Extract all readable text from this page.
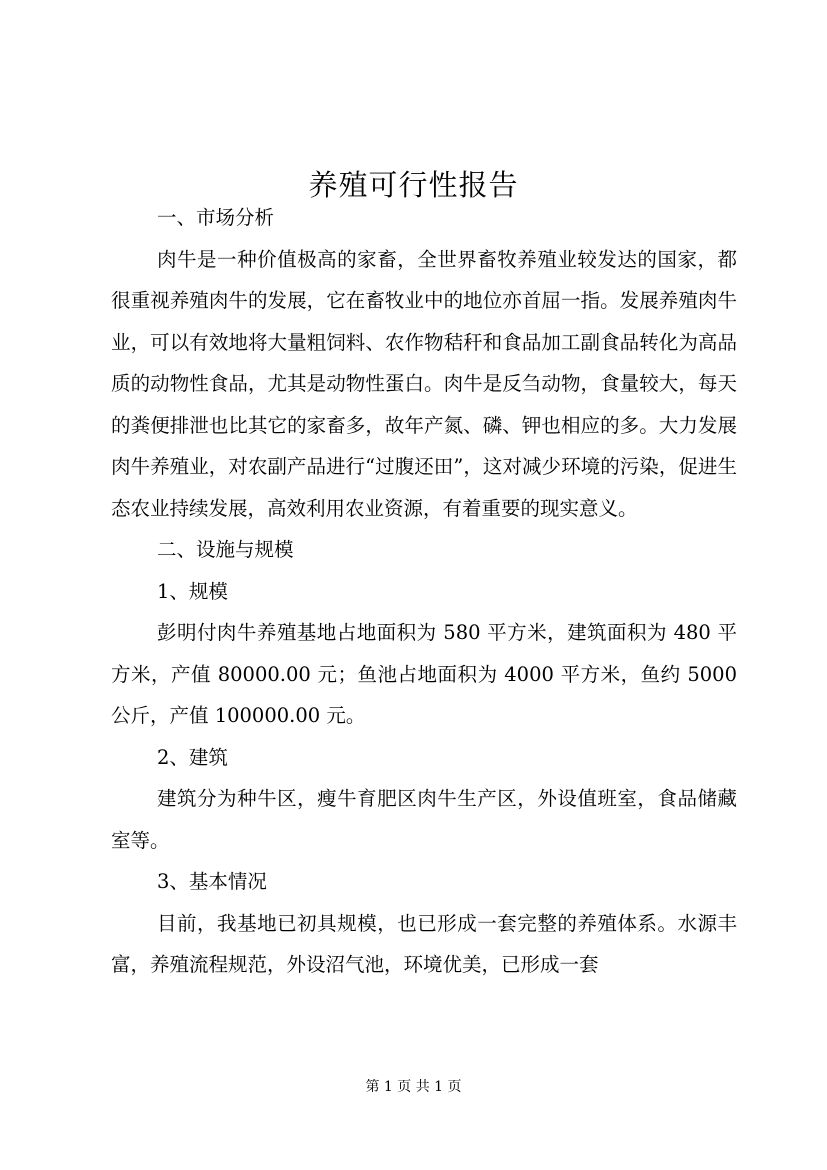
养殖可行性报告

一、市场分析

肉牛是一种价值极高的家畜，全世界畜牧养殖业较发达的国家，都很重视养殖肉牛的发展，它在畜牧业中的地位亦首屈一指。发展养殖肉牛业，可以有效地将大量粗饲料、农作物秸秆和食品加工副食品转化为高品质的动物性食品，尤其是动物性蛋白。肉牛是反刍动物，食量较大，每天的粪便排泄也比其它的家畜多，故年产氮、磷、钾也相应的多。大力发展肉牛养殖业，对农副产品进行“过腹还田”，这对减少环境的污染，促进生态农业持续发展，高效利用农业资源，有着重要的现实意义。

二、设施与规模

1、规模

彭明付肉牛养殖基地占地面积为 580 平方米，建筑面积为 480 平方米，产值 80000.00 元；鱼池占地面积为 4000 平方米，鱼约 5000 公斤，产值 100000.00 元。

2、建筑

建筑分为种牛区，瘦牛育肥区肉牛生产区，外设值班室，食品储藏室等。

3、基本情况

目前，我基地已初具规模，也已形成一套完整的养殖体系。水源丰富，养殖流程规范，外设沼气池，环境优美，已形成一套

第 1 页 共 1 页
